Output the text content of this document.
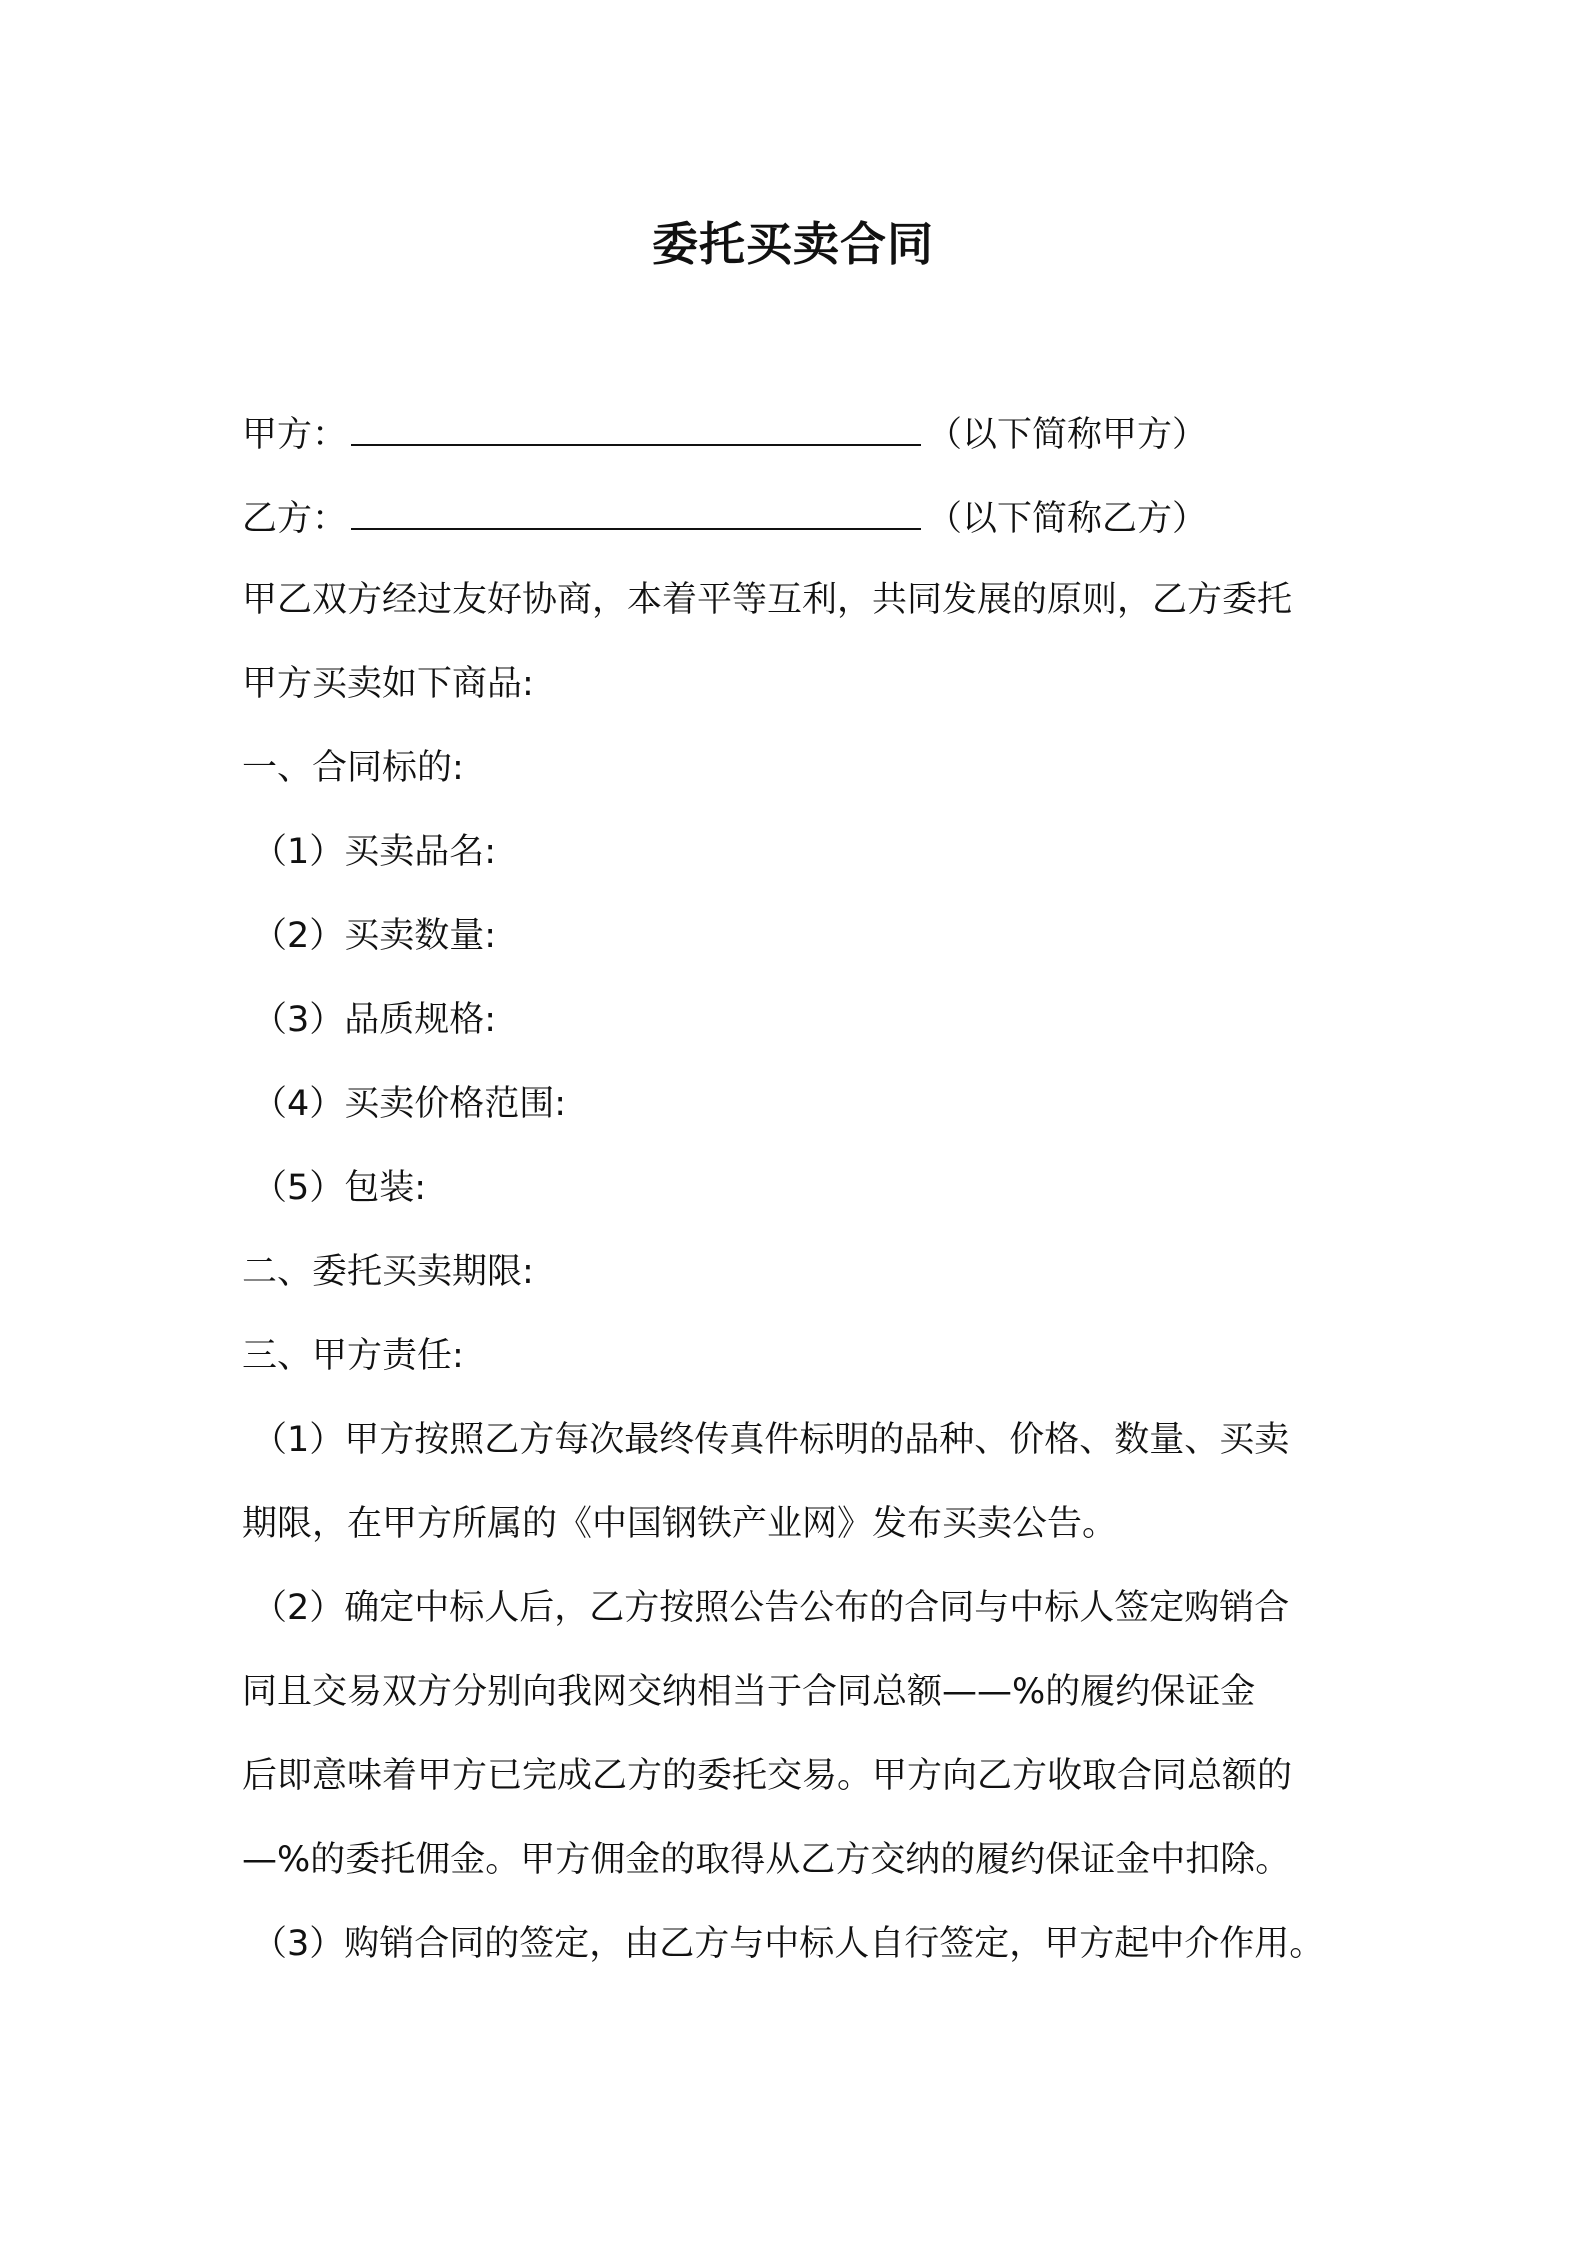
委托买卖合同

甲方：	（以下简称甲方）

乙方：	（以下简称乙方）

甲乙双方经过友好协商，本着平等互利，共同发展的原则，乙方委托

甲方买卖如下商品:

一、合同标的:

（1）买卖品名:

（2）买卖数量:

（3）品质规格:

（4）买卖价格范围:

（5）包装:

二、委托买卖期限:

三、甲方责任:

（1）甲方按照乙方每次最终传真件标明的品种、价格、数量、买卖

期限，在甲方所属的《中国钢铁产业网》发布买卖公告。

（2）确定中标人后，乙方按照公告公布的合同与中标人签定购销合

同且交易双方分别向我网交纳相当于合同总额——%的履约保证金

后即意味着甲方已完成乙方的委托交易。甲方向乙方收取合同总额的

—%的委托佣金。甲方佣金的取得从乙方交纳的履约保证金中扣除。

（3）购销合同的签定，由乙方与中标人自行签定，甲方起中介作用。
